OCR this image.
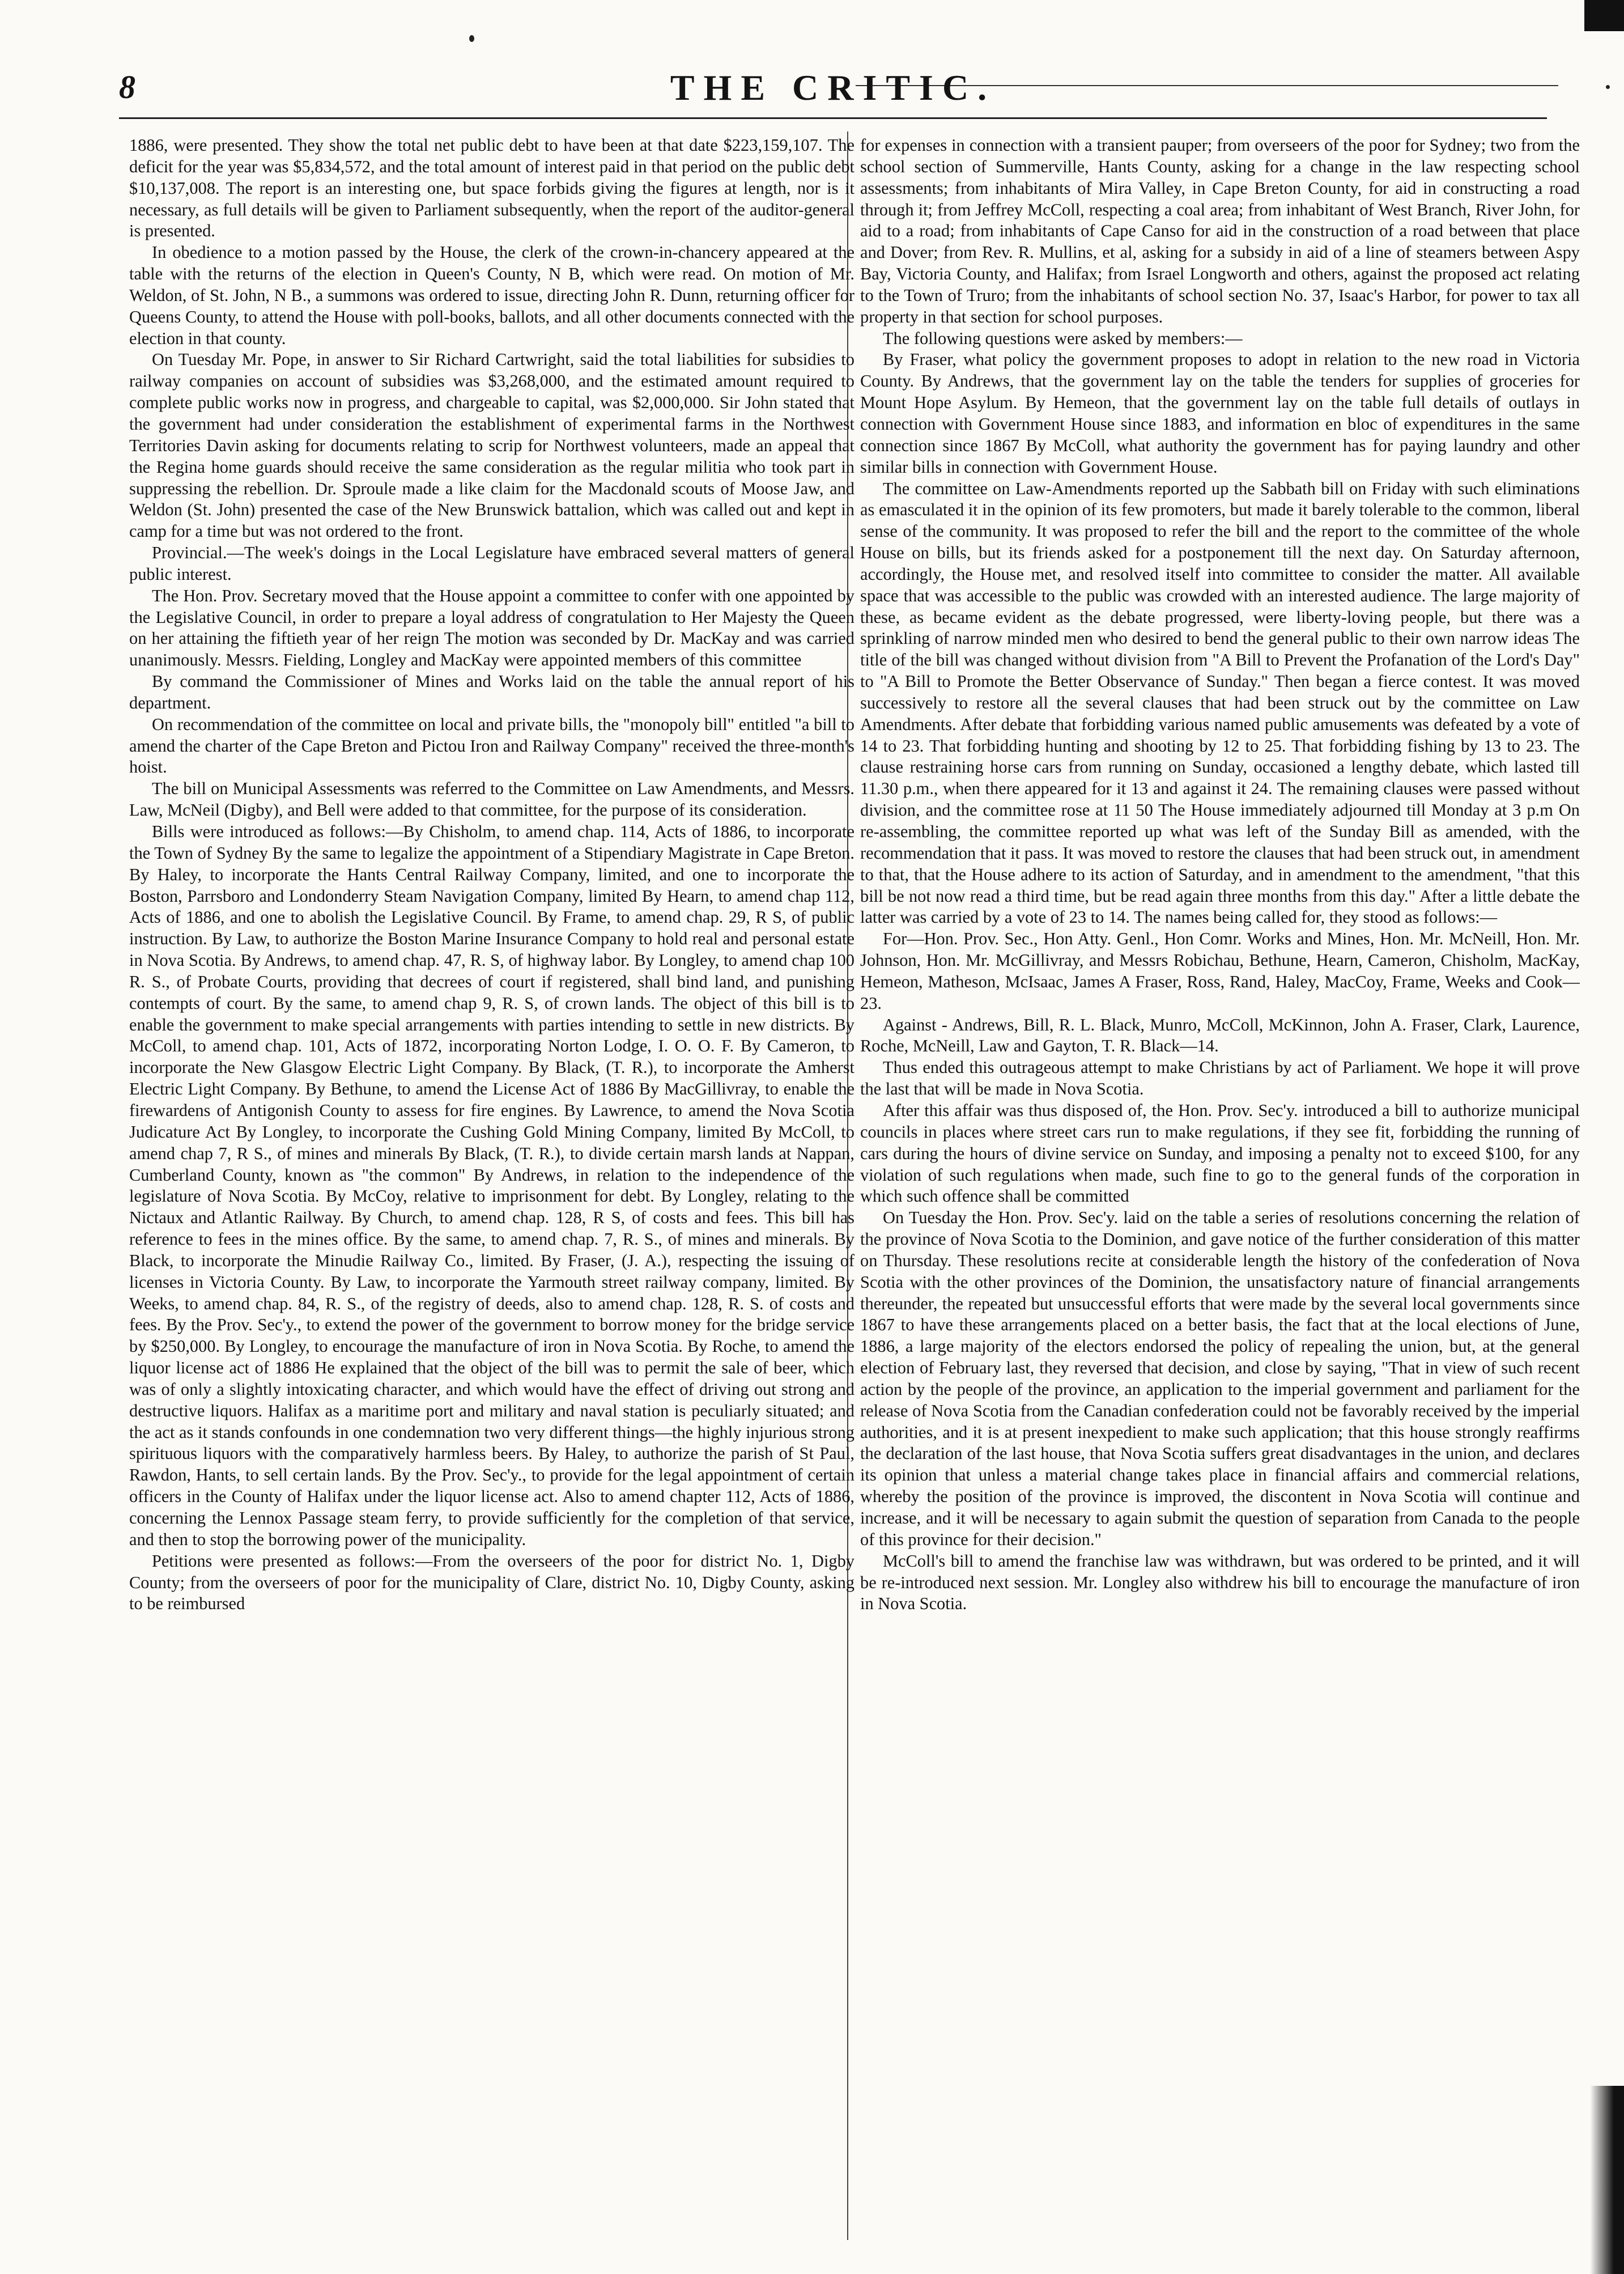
8	THE CRITIC.

1886, were presented. They show the total net public debt to have been at that date $223,159,107. The deficit for the year was $5,834,572, and the total amount of interest paid in that period on the public debt $10,137,008. The report is an interesting one, but space forbids giving the figures at length, nor is it necessary, as full details will be given to Parliament subsequently, when the report of the auditor-general is presented.

In obedience to a motion passed by the House, the clerk of the crown-in-chancery appeared at the table with the returns of the election in Queen's County, N B, which were read. On motion of Mr. Weldon, of St. John, N B., a summons was ordered to issue, directing John R. Dunn, returning officer for Queens County, to attend the House with poll-books, ballots, and all other documents connected with the election in that county.

On Tuesday Mr. Pope, in answer to Sir Richard Cartwright, said the total liabilities for subsidies to railway companies on account of subsidies was $3,268,000, and the estimated amount required to complete public works now in progress, and chargeable to capital, was $2,000,000. Sir John stated that the government had under consideration the establishment of experimental farms in the Northwest Territories Davin asking for documents relating to scrip for Northwest volunteers, made an appeal that the Regina home guards should receive the same consideration as the regular militia who took part in suppressing the rebellion. Dr. Sproule made a like claim for the Macdonald scouts of Moose Jaw, and Weldon (St. John) presented the case of the New Brunswick battalion, which was called out and kept in camp for a time but was not ordered to the front.

Provincial.—The week's doings in the Local Legislature have embraced several matters of general public interest.

The Hon. Prov. Secretary moved that the House appoint a committee to confer with one appointed by the Legislative Council, in order to prepare a loyal address of congratulation to Her Majesty the Queen on her attaining the fiftieth year of her reign The motion was seconded by Dr. MacKay and was carried unanimously. Messrs. Fielding, Longley and MacKay were appointed members of this committee

By command the Commissioner of Mines and Works laid on the table the annual report of his department.

On recommendation of the committee on local and private bills, the "monopoly bill" entitled "a bill to amend the charter of the Cape Breton and Pictou Iron and Railway Company" received the three-month's hoist.

The bill on Municipal Assessments was referred to the Committee on Law Amendments, and Messrs. Law, McNeil (Digby), and Bell were added to that committee, for the purpose of its consideration.

Bills were introduced as follows:—By Chisholm, to amend chap. 114, Acts of 1886, to incorporate the Town of Sydney By the same to legalize the appointment of a Stipendiary Magistrate in Cape Breton. By Haley, to incorporate the Hants Central Railway Company, limited, and one to incorporate the Boston, Parrsboro and Londonderry Steam Navigation Company, limited By Hearn, to amend chap 112, Acts of 1886, and one to abolish the Legislative Council. By Frame, to amend chap. 29, R S, of public instruction. By Law, to authorize the Boston Marine Insurance Company to hold real and personal estate in Nova Scotia. By Andrews, to amend chap. 47, R. S, of highway labor. By Longley, to amend chap 100 R. S., of Probate Courts, providing that decrees of court if registered, shall bind land, and punishing contempts of court. By the same, to amend chap 9, R. S, of crown lands. The object of this bill is to enable the government to make special arrangements with parties intending to settle in new districts. By McColl, to amend chap. 101, Acts of 1872, incorporating Norton Lodge, I. O. O. F. By Cameron, to incorporate the New Glasgow Electric Light Company. By Black, (T. R.), to incorporate the Amherst Electric Light Company. By Bethune, to amend the License Act of 1886 By MacGillivray, to enable the firewardens of Antigonish County to assess for fire engines. By Lawrence, to amend the Nova Scotia Judicature Act By Longley, to incorporate the Cushing Gold Mining Company, limited By McColl, to amend chap 7, R S., of mines and minerals By Black, (T. R.), to divide certain marsh lands at Nappan, Cumberland County, known as "the common" By Andrews, in relation to the independence of the legislature of Nova Scotia. By McCoy, relative to imprisonment for debt. By Longley, relating to the Nictaux and Atlantic Railway. By Church, to amend chap. 128, R S, of costs and fees. This bill has reference to fees in the mines office. By the same, to amend chap. 7, R. S., of mines and minerals. By Black, to incorporate the Minudie Railway Co., limited. By Fraser, (J. A.), respecting the issuing of licenses in Victoria County. By Law, to incorporate the Yarmouth street railway company, limited. By Weeks, to amend chap. 84, R. S., of the registry of deeds, also to amend chap. 128, R. S. of costs and fees. By the Prov. Sec'y., to extend the power of the government to borrow money for the bridge service by $250,000. By Longley, to encourage the manufacture of iron in Nova Scotia. By Roche, to amend the liquor license act of 1886 He explained that the object of the bill was to permit the sale of beer, which was of only a slightly intoxicating character, and which would have the effect of driving out strong and destructive liquors. Halifax as a maritime port and military and naval station is peculiarly situated; and the act as it stands confounds in one condemnation two very different things—the highly injurious strong spirituous liquors with the comparatively harmless beers. By Haley, to authorize the parish of St Paul, Rawdon, Hants, to sell certain lands. By the Prov. Sec'y., to provide for the legal appointment of certain officers in the County of Halifax under the liquor license act. Also to amend chapter 112, Acts of 1886, concerning the Lennox Passage steam ferry, to provide sufficiently for the completion of that service, and then to stop the borrowing power of the municipality.

Petitions were presented as follows:—From the overseers of the poor for district No. 1, Digby County; from the overseers of poor for the municipality of Clare, district No. 10, Digby County, asking to be reimbursed

for expenses in connection with a transient pauper; from overseers of the poor for Sydney; two from the school section of Summerville, Hants County, asking for a change in the law respecting school assessments; from inhabitants of Mira Valley, in Cape Breton County, for aid in constructing a road through it; from Jeffrey McColl, respecting a coal area; from inhabitant of West Branch, River John, for aid to a road; from inhabitants of Cape Canso for aid in the construction of a road between that place and Dover; from Rev. R. Mullins, et al, asking for a subsidy in aid of a line of steamers between Aspy Bay, Victoria County, and Halifax; from Israel Longworth and others, against the proposed act relating to the Town of Truro; from the inhabitants of school section No. 37, Isaac's Harbor, for power to tax all property in that section for school purposes.

The following questions were asked by members:—

By Fraser, what policy the government proposes to adopt in relation to the new road in Victoria County. By Andrews, that the government lay on the table the tenders for supplies of groceries for Mount Hope Asylum. By Hemeon, that the government lay on the table full details of outlays in connection with Government House since 1883, and information en bloc of expenditures in the same connection since 1867 By McColl, what authority the government has for paying laundry and other similar bills in connection with Government House.

The committee on Law-Amendments reported up the Sabbath bill on Friday with such eliminations as emasculated it in the opinion of its few promoters, but made it barely tolerable to the common, liberal sense of the community. It was proposed to refer the bill and the report to the committee of the whole House on bills, but its friends asked for a postponement till the next day. On Saturday afternoon, accordingly, the House met, and resolved itself into committee to consider the matter. All available space that was accessible to the public was crowded with an interested audience. The large majority of these, as became evident as the debate progressed, were liberty-loving people, but there was a sprinkling of narrow minded men who desired to bend the general public to their own narrow ideas The title of the bill was changed without division from "A Bill to Prevent the Profanation of the Lord's Day" to "A Bill to Promote the Better Observance of Sunday." Then began a fierce contest. It was moved successively to restore all the several clauses that had been struck out by the committee on Law Amendments. After debate that forbidding various named public amusements was defeated by a vote of 14 to 23. That forbidding hunting and shooting by 12 to 25. That forbidding fishing by 13 to 23. The clause restraining horse cars from running on Sunday, occasioned a lengthy debate, which lasted till 11.30 p.m., when there appeared for it 13 and against it 24. The remaining clauses were passed without division, and the committee rose at 11 50 The House immediately adjourned till Monday at 3 p.m On re-assembling, the committee reported up what was left of the Sunday Bill as amended, with the recommendation that it pass. It was moved to restore the clauses that had been struck out, in amendment to that, that the House adhere to its action of Saturday, and in amendment to the amendment, "that this bill be not now read a third time, but be read again three months from this day." After a little debate the latter was carried by a vote of 23 to 14. The names being called for, they stood as follows:—

For—Hon. Prov. Sec., Hon Atty. Genl., Hon Comr. Works and Mines, Hon. Mr. McNeill, Hon. Mr. Johnson, Hon. Mr. McGillivray, and Messrs Robichau, Bethune, Hearn, Cameron, Chisholm, MacKay, Hemeon, Matheson, McIsaac, James A Fraser, Ross, Rand, Haley, MacCoy, Frame, Weeks and Cook—23.

Against - Andrews, Bill, R. L. Black, Munro, McColl, McKinnon, John A. Fraser, Clark, Laurence, Roche, McNeill, Law and Gayton, T. R. Black—14.

Thus ended this outrageous attempt to make Christians by act of Parliament. We hope it will prove the last that will be made in Nova Scotia.

After this affair was thus disposed of, the Hon. Prov. Sec'y. introduced a bill to authorize municipal councils in places where street cars run to make regulations, if they see fit, forbidding the running of cars during the hours of divine service on Sunday, and imposing a penalty not to exceed $100, for any violation of such regulations when made, such fine to go to the general funds of the corporation in which such offence shall be committed

On Tuesday the Hon. Prov. Sec'y. laid on the table a series of resolutions concerning the relation of the province of Nova Scotia to the Dominion, and gave notice of the further consideration of this matter on Thursday. These resolutions recite at considerable length the history of the confederation of Nova Scotia with the other provinces of the Dominion, the unsatisfactory nature of financial arrangements thereunder, the repeated but unsuccessful efforts that were made by the several local governments since 1867 to have these arrangements placed on a better basis, the fact that at the local elections of June, 1886, a large majority of the electors endorsed the policy of repealing the union, but, at the general election of February last, they reversed that decision, and close by saying, "That in view of such recent action by the people of the province, an application to the imperial government and parliament for the release of Nova Scotia from the Canadian confederation could not be favorably received by the imperial authorities, and it is at present inexpedient to make such application; that this house strongly reaffirms the declaration of the last house, that Nova Scotia suffers great disadvantages in the union, and declares its opinion that unless a material change takes place in financial affairs and commercial relations, whereby the position of the province is improved, the discontent in Nova Scotia will continue and increase, and it will be necessary to again submit the question of separation from Canada to the people of this province for their decision."

McColl's bill to amend the franchise law was withdrawn, but was ordered to be printed, and it will be re-introduced next session. Mr. Longley also withdrew his bill to encourage the manufacture of iron in Nova Scotia.
